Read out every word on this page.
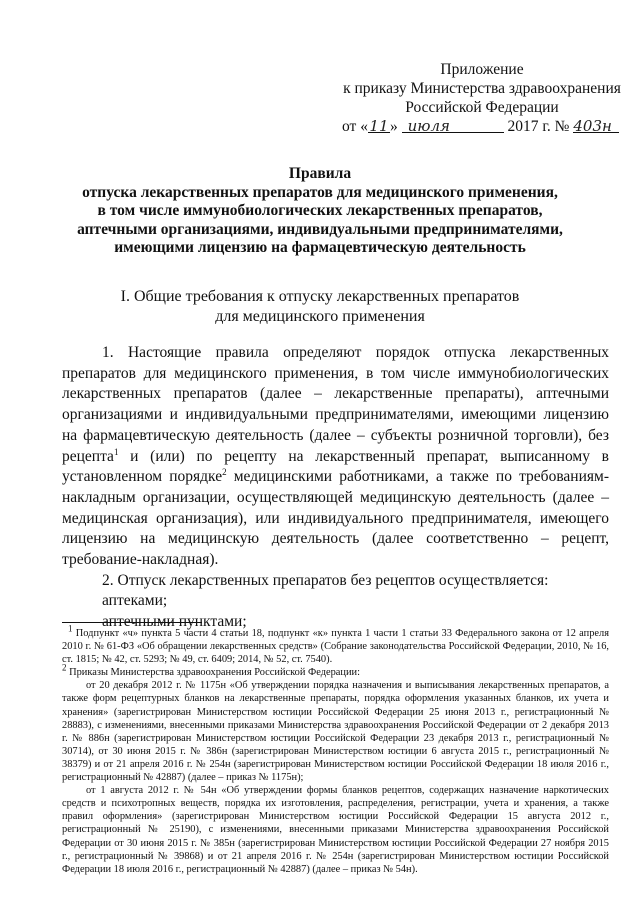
Приложение
к приказу Министерства здравоохранения
Российской Федерации
от «11» июля	2017 г. № 403н
Правила
отпуска лекарственных препаратов для медицинского применения,
в том числе иммунобиологических лекарственных препаратов,
аптечными организациями, индивидуальными предпринимателями,
имеющими лицензию на фармацевтическую деятельность
I. Общие требования к отпуску лекарственных препаратов
для медицинского применения

1. Настоящие правила определяют порядок отпуска лекарственных препаратов для медицинского применения, в том числе иммунобиологических лекарственных препаратов (далее – лекарственные препараты), аптечными организациями и индивидуальными предпринимателями, имеющими лицензию на фармацевтическую деятельность (далее – субъекты розничной торговли), без рецепта$^1$ и (или) по рецепту на лекарственный препарат, выписанному в установленном порядке$^2$ медицинскими работниками, а также по требованиям-накладным организации, осуществляющей медицинскую деятельность (далее – медицинская организация), или индивидуального предпринимателя, имеющего лицензию на медицинскую деятельность (далее соответственно – рецепт, требование-накладная).

2. Отпуск лекарственных препаратов без рецептов осуществляется:

аптеками;

аптечными пунктами;

$^1$ Подпункт «ч» пункта 5 части 4 статьи 18, подпункт «к» пункта 1 части 1 статьи 33 Федерального закона от 12 апреля 2010 г. № 61-ФЗ «Об обращении лекарственных средств» (Собрание законодательства Российской Федерации, 2010, № 16, ст. 1815; № 42, ст. 5293; № 49, ст. 6409; 2014, № 52, ст. 7540).

$^2$ Приказы Министерства здравоохранения Российской Федерации:

от 20 декабря 2012 г. № 1175н «Об утверждении порядка назначения и выписывания лекарственных препаратов, а также форм рецептурных бланков на лекарственные препараты, порядка оформления указанных бланков, их учета и хранения» (зарегистрирован Министерством юстиции Российской Федерации 25 июня 2013 г., регистрационный № 28883), с изменениями, внесенными приказами Министерства здравоохранения Российской Федерации от 2 декабря 2013 г. № 886н (зарегистрирован Министерством юстиции Российской Федерации 23 декабря 2013 г., регистрационный № 30714), от 30 июня 2015 г. № 386н (зарегистрирован Министерством юстиции 6 августа 2015 г., регистрационный № 38379) и от 21 апреля 2016 г. № 254н (зарегистрирован Министерством юстиции Российской Федерации 18 июля 2016 г., регистрационный № 42887) (далее – приказ № 1175н);

от 1 августа 2012 г. № 54н «Об утверждении формы бланков рецептов, содержащих назначение наркотических средств и психотропных веществ, порядка их изготовления, распределения, регистрации, учета и хранения, а также правил оформления» (зарегистрирован Министерством юстиции Российской Федерации 15 августа 2012 г., регистрационный № 25190), с изменениями, внесенными приказами Министерства здравоохранения Российской Федерации от 30 июня 2015 г. № 385н (зарегистрирован Министерством юстиции Российской Федерации 27 ноября 2015 г., регистрационный № 39868) и от 21 апреля 2016 г. № 254н (зарегистрирован Министерством юстиции Российской Федерации 18 июля 2016 г., регистрационный № 42887) (далее – приказ № 54н).
